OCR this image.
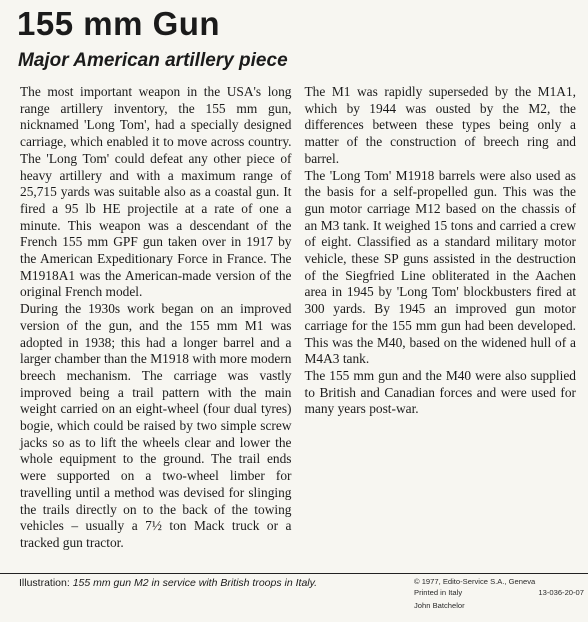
155 mm Gun
Major American artillery piece

The most important weapon in the USA's long range artillery inventory, the 155 mm gun, nicknamed 'Long Tom', had a specially designed carriage, which enabled it to move across country. The 'Long Tom' could defeat any other piece of heavy artillery and with a maximum range of 25,715 yards was suitable also as a coastal gun. It fired a 95 lb HE projectile at a rate of one a minute. This weapon was a descendant of the French 155 mm GPF gun taken over in 1917 by the American Expeditionary Force in France. The M1918A1 was the American-made version of the original French model.

During the 1930s work began on an improved version of the gun, and the 155 mm M1 was adopted in 1938; this had a longer barrel and a larger chamber than the M1918 with more modern breech mechanism. The carriage was vastly improved being a trail pattern with the main weight carried on an eight-wheel (four dual tyres) bogie, which could be raised by two simple screw jacks so as to lift the wheels clear and lower the whole equipment to the ground. The trail ends were supported on a two-wheel limber for travelling until a method was devised for slinging the trails directly on to the back of the towing vehicles – usually a 7½ ton Mack truck or a tracked gun tractor.

The M1 was rapidly superseded by the M1A1, which by 1944 was ousted by the M2, the differences between these types being only a matter of the construction of breech ring and barrel.

The 'Long Tom' M1918 barrels were also used as the basis for a self-propelled gun. This was the gun motor carriage M12 based on the chassis of an M3 tank. It weighed 15 tons and carried a crew of eight. Classified as a standard military motor vehicle, these SP guns assisted in the destruction of the Siegfried Line obliterated in the Aachen area in 1945 by 'Long Tom' blockbusters fired at 300 yards. By 1945 an improved gun motor carriage for the 155 mm gun had been developed. This was the M40, based on the widened hull of a M4A3 tank.

The 155 mm gun and the M40 were also supplied to British and Canadian forces and were used for many years post-war.

Illustration: 155 mm gun M2 in service with British troops in Italy.	© 1977, Edito-Service S.A., Geneva
Printed in Italy	13-036-20-07
John Batchelor
